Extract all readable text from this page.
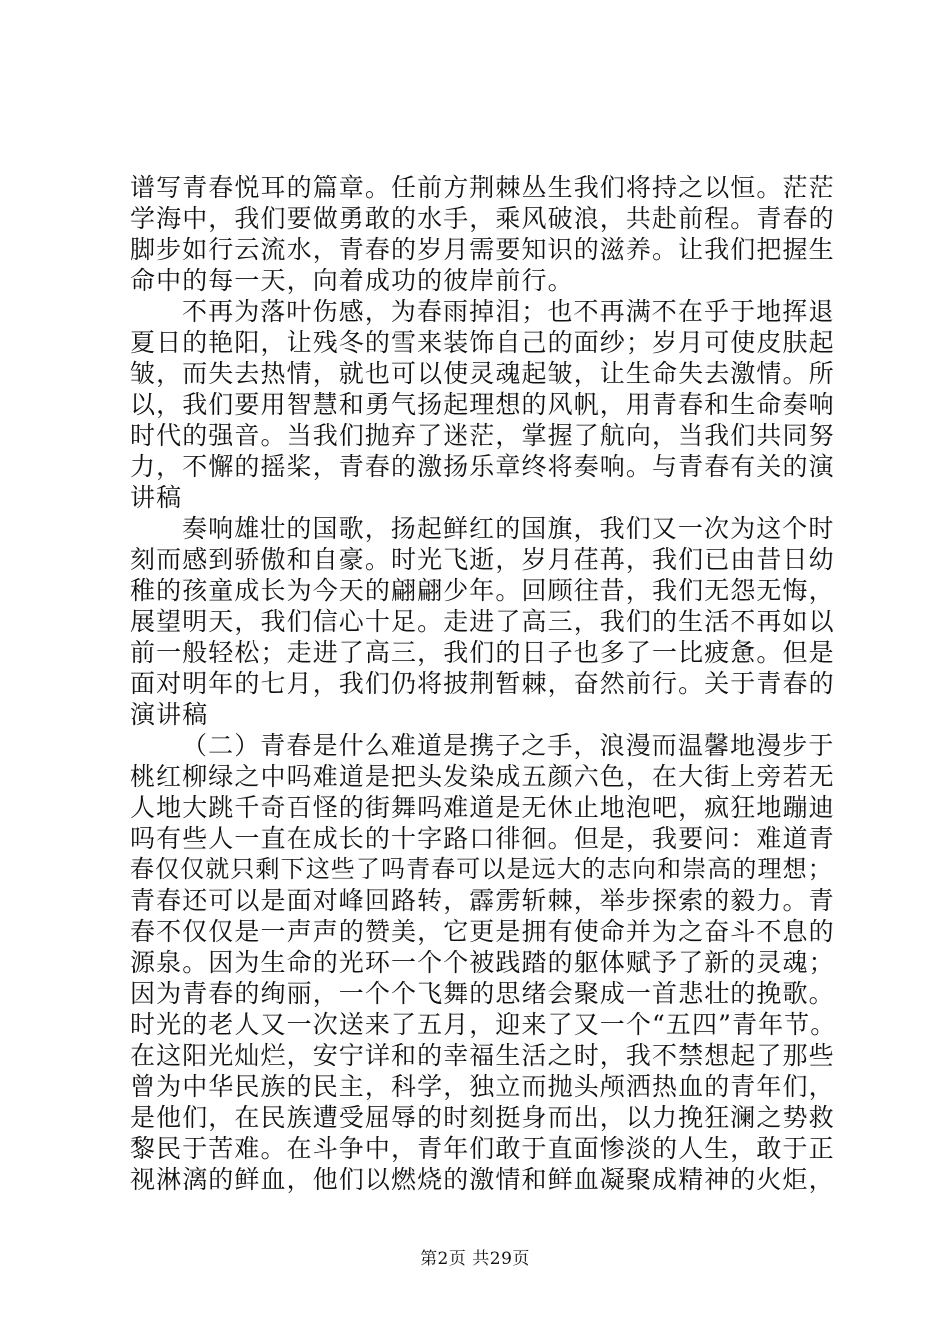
谱写青春悦耳的篇章。任前方荆棘丛生我们将持之以恒。茫茫
学海中，我们要做勇敢的水手，乘风破浪，共赴前程。青春的
脚步如行云流水，青春的岁月需要知识的滋养。让我们把握生
命中的每一天，向着成功的彼岸前行。
不再为落叶伤感，为春雨掉泪；也不再满不在乎于地挥退
夏日的艳阳，让残冬的雪来装饰自己的面纱；岁月可使皮肤起
皱，而失去热情，就也可以使灵魂起皱，让生命失去激情。所
以，我们要用智慧和勇气扬起理想的风帆，用青春和生命奏响
时代的强音。当我们抛弃了迷茫，掌握了航向，当我们共同努
力，不懈的摇桨，青春的激扬乐章终将奏响。与青春有关的演
讲稿
奏响雄壮的国歌，扬起鲜红的国旗，我们又一次为这个时
刻而感到骄傲和自豪。时光飞逝，岁月荏苒，我们已由昔日幼
稚的孩童成长为今天的翩翩少年。回顾往昔，我们无怨无悔，
展望明天，我们信心十足。走进了高三，我们的生活不再如以
前一般轻松；走进了高三，我们的日子也多了一比疲惫。但是
面对明年的七月，我们仍将披荆暂棘，奋然前行。关于青春的
演讲稿
（二）青春是什么难道是携子之手，浪漫而温馨地漫步于
桃红柳绿之中吗难道是把头发染成五颜六色，在大街上旁若无
人地大跳千奇百怪的街舞吗难道是无休止地泡吧，疯狂地蹦迪
吗有些人一直在成长的十字路口徘徊。但是，我要问：难道青
春仅仅就只剩下这些了吗青春可以是远大的志向和崇高的理想；
青春还可以是面对峰回路转，霹雳斩棘，举步探索的毅力。青
春不仅仅是一声声的赞美，它更是拥有使命并为之奋斗不息的
源泉。因为生命的光环一个个被践踏的躯体赋予了新的灵魂；
因为青春的绚丽，一个个飞舞的思绪会聚成一首悲壮的挽歌。
时光的老人又一次送来了五月，迎来了又一个“五四”青年节。
在这阳光灿烂，安宁详和的幸福生活之时，我不禁想起了那些
曾为中华民族的民主，科学，独立而抛头颅洒热血的青年们，
是他们，在民族遭受屈辱的时刻挺身而出，以力挽狂澜之势救
黎民于苦难。在斗争中，青年们敢于直面惨淡的人生，敢于正
视淋漓的鲜血，他们以燃烧的激情和鲜血凝聚成精神的火炬，
第2页 共29页
